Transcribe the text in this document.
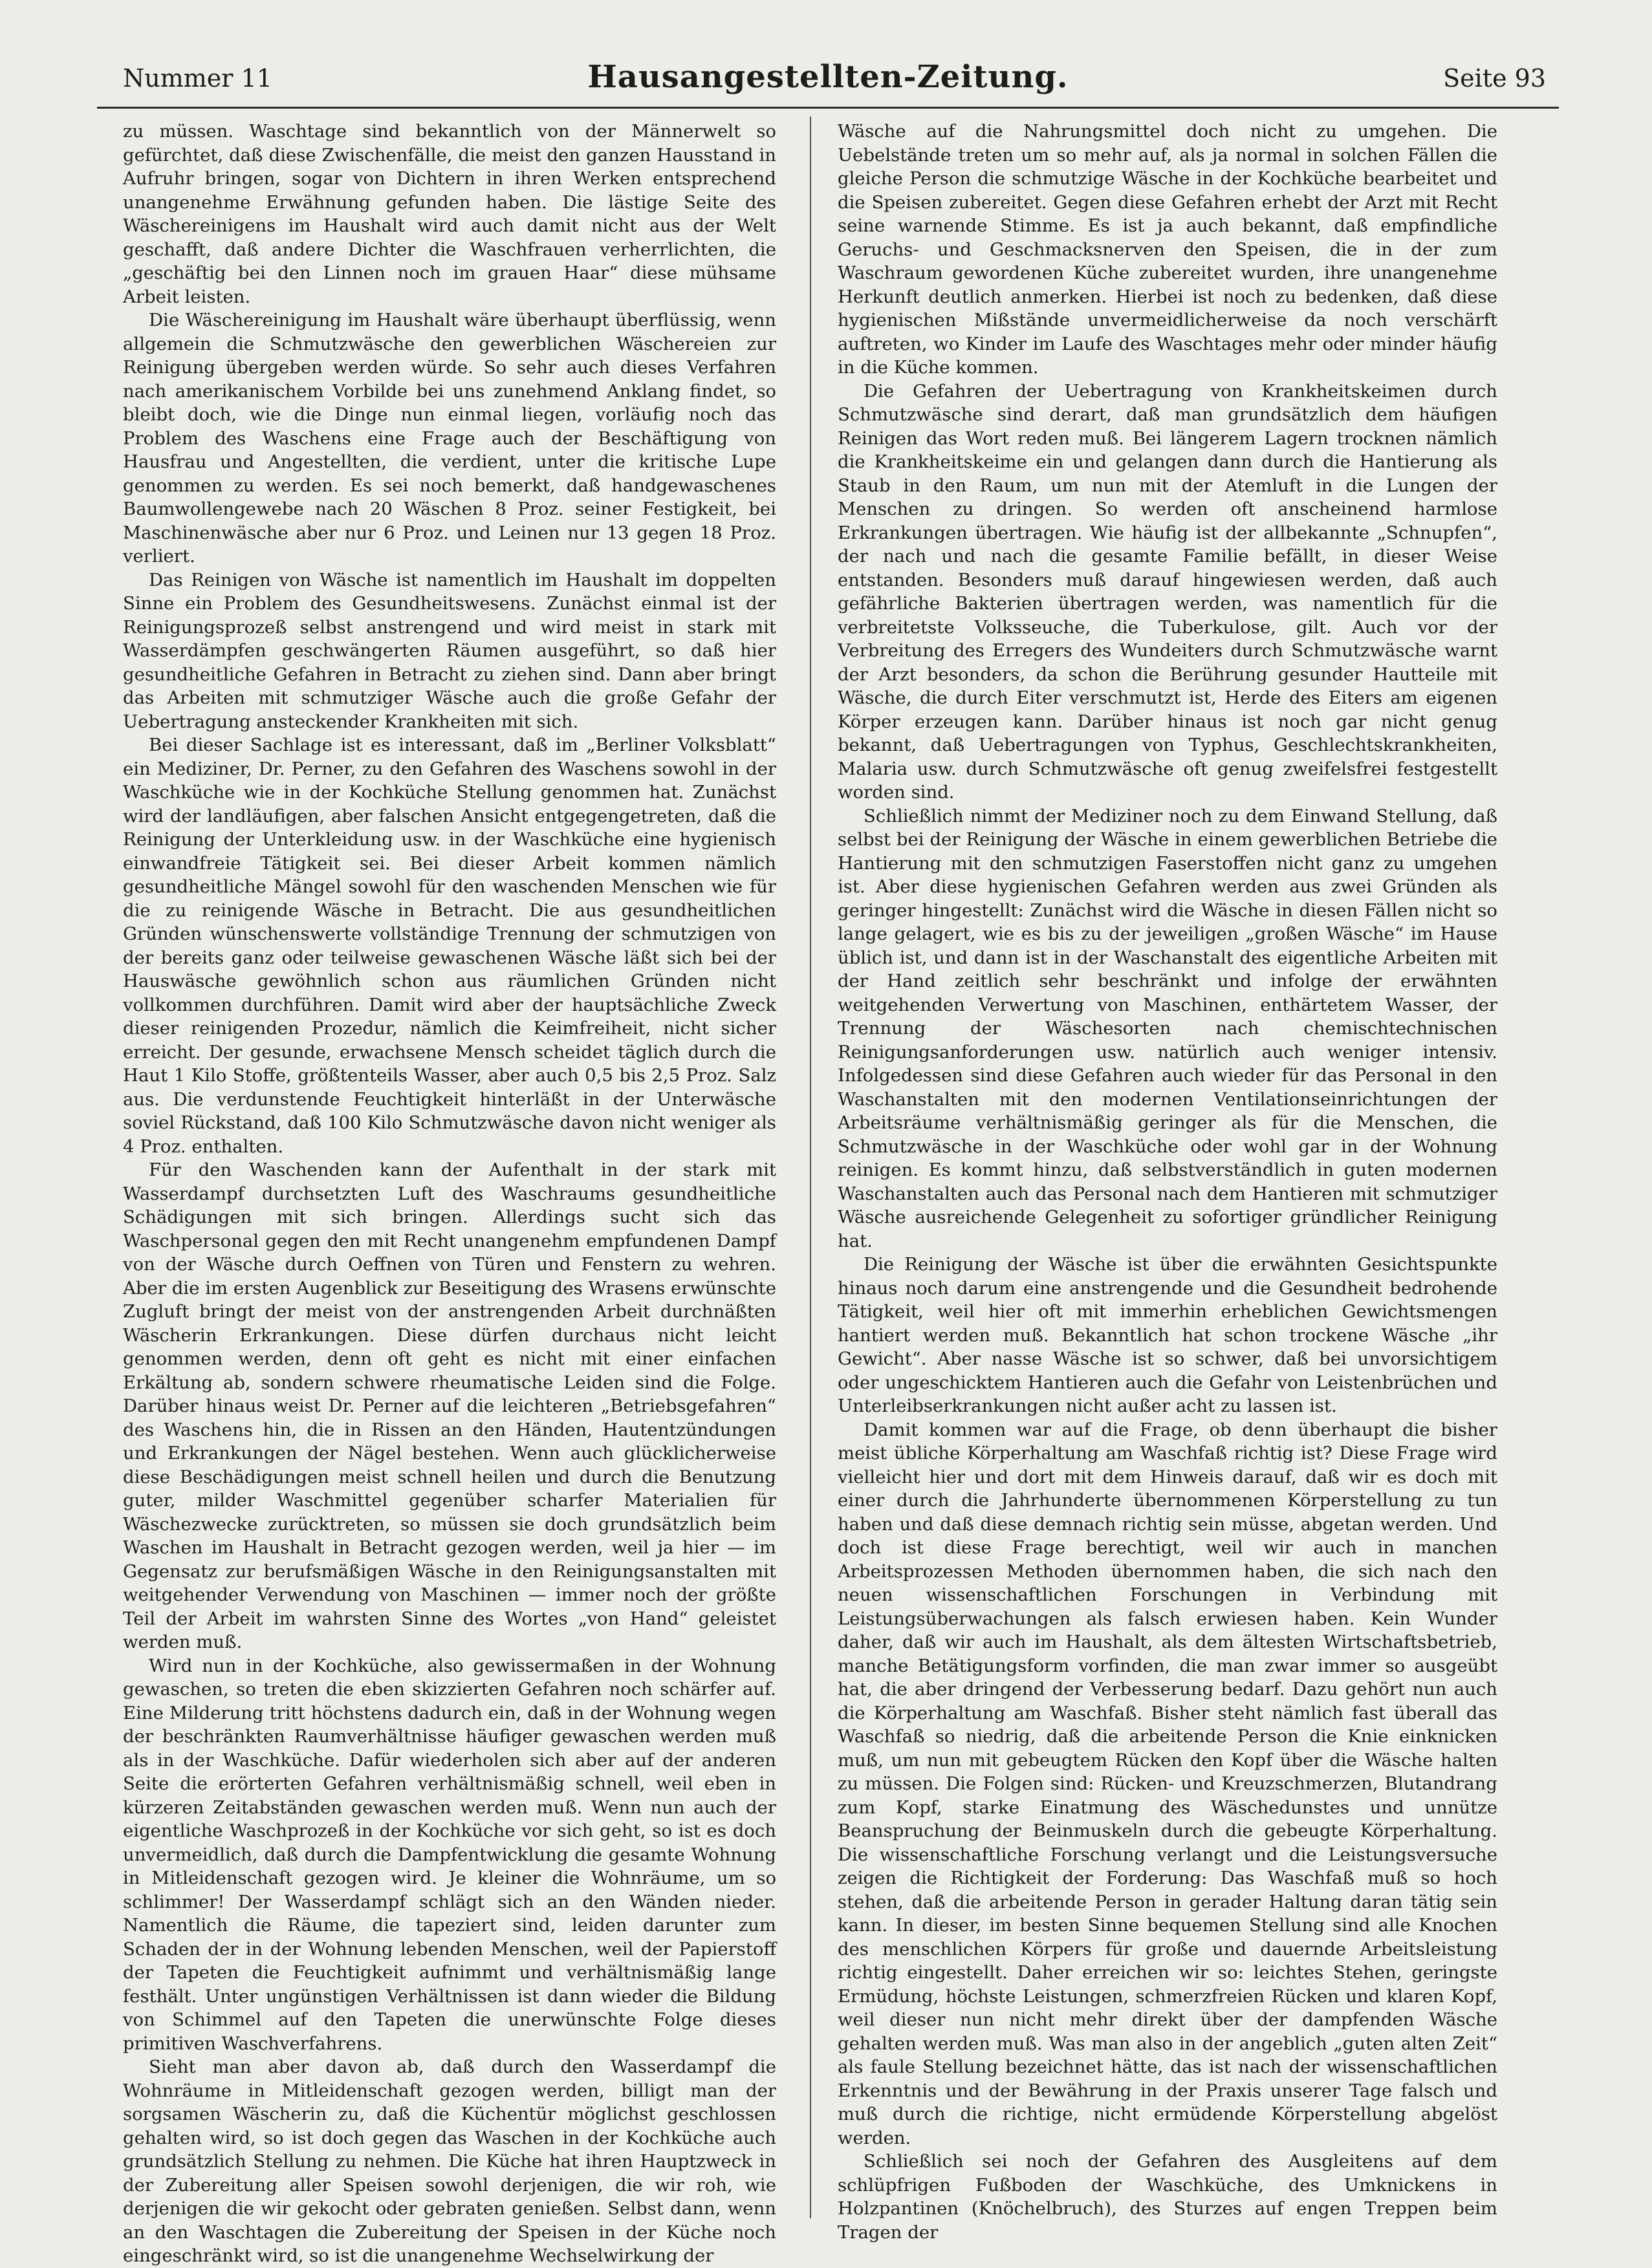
Nummer 11	Hausangestellten-Zeitung.	Seite 93

zu müssen. Waschtage sind bekanntlich von der Männerwelt so gefürchtet, daß diese Zwischenfälle, die meist den ganzen Hausstand in Aufruhr bringen, sogar von Dichtern in ihren Werken entsprechend unangenehme Erwähnung gefunden haben. Die lästige Seite des Wäschereinigens im Haushalt wird auch damit nicht aus der Welt geschafft, daß andere Dichter die Waschfrauen verherrlichten, die „geschäftig bei den Linnen noch im grauen Haar“ diese mühsame Arbeit leisten.

Die Wäschereinigung im Haushalt wäre überhaupt überflüssig, wenn allgemein die Schmutzwäsche den gewerblichen Wäschereien zur Reinigung übergeben werden würde. So sehr auch dieses Verfahren nach amerikanischem Vorbilde bei uns zunehmend Anklang findet, so bleibt doch, wie die Dinge nun einmal liegen, vorläufig noch das Problem des Waschens eine Frage auch der Beschäftigung von Hausfrau und Angestellten, die verdient, unter die kritische Lupe genommen zu werden. Es sei noch bemerkt, daß handgewaschenes Baumwollengewebe nach 20 Wäschen 8 Proz. seiner Festigkeit, bei Maschinenwäsche aber nur 6 Proz. und Leinen nur 13 gegen 18 Proz. verliert.

Das Reinigen von Wäsche ist namentlich im Haushalt im doppelten Sinne ein Problem des Gesundheitswesens. Zunächst einmal ist der Reinigungsprozeß selbst anstrengend und wird meist in stark mit Wasserdämpfen geschwängerten Räumen ausgeführt, so daß hier gesundheitliche Gefahren in Betracht zu ziehen sind. Dann aber bringt das Arbeiten mit schmutziger Wäsche auch die große Gefahr der Uebertragung ansteckender Krankheiten mit sich.

Bei dieser Sachlage ist es interessant, daß im „Berliner Volksblatt“ ein Mediziner, Dr. Perner, zu den Gefahren des Waschens sowohl in der Waschküche wie in der Kochküche Stellung genommen hat. Zunächst wird der landläufigen, aber falschen Ansicht entgegengetreten, daß die Reinigung der Unterkleidung usw. in der Waschküche eine hygienisch einwandfreie Tätigkeit sei. Bei dieser Arbeit kommen nämlich gesundheitliche Mängel sowohl für den waschenden Menschen wie für die zu reinigende Wäsche in Betracht. Die aus gesundheitlichen Gründen wünschenswerte vollständige Trennung der schmutzigen von der bereits ganz oder teilweise gewaschenen Wäsche läßt sich bei der Hauswäsche gewöhnlich schon aus räumlichen Gründen nicht vollkommen durchführen. Damit wird aber der hauptsächliche Zweck dieser reinigenden Prozedur, nämlich die Keimfreiheit, nicht sicher erreicht. Der gesunde, erwachsene Mensch scheidet täglich durch die Haut 1 Kilo Stoffe, größtenteils Wasser, aber auch 0,5 bis 2,5 Proz. Salz aus. Die verdunstende Feuchtigkeit hinterläßt in der Unterwäsche soviel Rückstand, daß 100 Kilo Schmutzwäsche davon nicht weniger als 4 Proz. enthalten.

Für den Waschenden kann der Aufenthalt in der stark mit Wasserdampf durchsetzten Luft des Waschraums gesundheitliche Schädigungen mit sich bringen. Allerdings sucht sich das Waschpersonal gegen den mit Recht unangenehm empfundenen Dampf von der Wäsche durch Oeffnen von Türen und Fenstern zu wehren. Aber die im ersten Augenblick zur Beseitigung des Wrasens erwünschte Zugluft bringt der meist von der anstrengenden Arbeit durchnäßten Wäscherin Erkrankungen. Diese dürfen durchaus nicht leicht genommen werden, denn oft geht es nicht mit einer einfachen Erkältung ab, sondern schwere rheumatische Leiden sind die Folge. Darüber hinaus weist Dr. Perner auf die leichteren „Betriebsgefahren“ des Waschens hin, die in Rissen an den Händen, Hautentzündungen und Erkrankungen der Nägel bestehen. Wenn auch glücklicherweise diese Beschädigungen meist schnell heilen und durch die Benutzung guter, milder Waschmittel gegenüber scharfer Materialien für Wäschezwecke zurücktreten, so müssen sie doch grundsätzlich beim Waschen im Haushalt in Betracht gezogen werden, weil ja hier — im Gegensatz zur berufsmäßigen Wäsche in den Reinigungsanstalten mit weitgehender Verwendung von Maschinen — immer noch der größte Teil der Arbeit im wahrsten Sinne des Wortes „von Hand“ geleistet werden muß.

Wird nun in der Kochküche, also gewissermaßen in der Wohnung gewaschen, so treten die eben skizzierten Gefahren noch schärfer auf. Eine Milderung tritt höchstens dadurch ein, daß in der Wohnung wegen der beschränkten Raumverhältnisse häufiger gewaschen werden muß als in der Waschküche. Dafür wiederholen sich aber auf der anderen Seite die erörterten Gefahren verhältnismäßig schnell, weil eben in kürzeren Zeitabständen gewaschen werden muß. Wenn nun auch der eigentliche Waschprozeß in der Kochküche vor sich geht, so ist es doch unvermeidlich, daß durch die Dampfentwicklung die gesamte Wohnung in Mitleidenschaft gezogen wird. Je kleiner die Wohnräume, um so schlimmer! Der Wasserdampf schlägt sich an den Wänden nieder. Namentlich die Räume, die tapeziert sind, leiden darunter zum Schaden der in der Wohnung lebenden Menschen, weil der Papierstoff der Tapeten die Feuchtigkeit aufnimmt und verhältnismäßig lange festhält. Unter ungünstigen Verhältnissen ist dann wieder die Bildung von Schimmel auf den Tapeten die unerwünschte Folge dieses primitiven Waschverfahrens.

Sieht man aber davon ab, daß durch den Wasserdampf die Wohnräume in Mitleidenschaft gezogen werden, billigt man der sorgsamen Wäscherin zu, daß die Küchentür möglichst geschlossen gehalten wird, so ist doch gegen das Waschen in der Kochküche auch grundsätzlich Stellung zu nehmen. Die Küche hat ihren Hauptzweck in der Zubereitung aller Speisen sowohl derjenigen, die wir roh, wie derjenigen die wir gekocht oder gebraten genießen. Selbst dann, wenn an den Waschtagen die Zubereitung der Speisen in der Küche noch eingeschränkt wird, so ist die unangenehme Wechselwirkung der

Wäsche auf die Nahrungsmittel doch nicht zu umgehen. Die Uebelstände treten um so mehr auf, als ja normal in solchen Fällen die gleiche Person die schmutzige Wäsche in der Kochküche bearbeitet und die Speisen zubereitet. Gegen diese Gefahren erhebt der Arzt mit Recht seine warnende Stimme. Es ist ja auch bekannt, daß empfindliche Geruchs- und Geschmacksnerven den Speisen, die in der zum Waschraum gewordenen Küche zubereitet wurden, ihre unangenehme Herkunft deutlich anmerken. Hierbei ist noch zu bedenken, daß diese hygienischen Mißstände unvermeidlicherweise da noch verschärft auftreten, wo Kinder im Laufe des Waschtages mehr oder minder häufig in die Küche kommen.

Die Gefahren der Uebertragung von Krankheitskeimen durch Schmutzwäsche sind derart, daß man grundsätzlich dem häufigen Reinigen das Wort reden muß. Bei längerem Lagern trocknen nämlich die Krankheitskeime ein und gelangen dann durch die Hantierung als Staub in den Raum, um nun mit der Atemluft in die Lungen der Menschen zu dringen. So werden oft anscheinend harmlose Erkrankungen übertragen. Wie häufig ist der allbekannte „Schnupfen“, der nach und nach die gesamte Familie befällt, in dieser Weise entstanden. Besonders muß darauf hingewiesen werden, daß auch gefährliche Bakterien übertragen werden, was namentlich für die verbreitetste Volksseuche, die Tuberkulose, gilt. Auch vor der Verbreitung des Erregers des Wundeiters durch Schmutzwäsche warnt der Arzt besonders, da schon die Berührung gesunder Hautteile mit Wäsche, die durch Eiter verschmutzt ist, Herde des Eiters am eigenen Körper erzeugen kann. Darüber hinaus ist noch gar nicht genug bekannt, daß Uebertragungen von Typhus, Geschlechtskrankheiten, Malaria usw. durch Schmutzwäsche oft genug zweifelsfrei festgestellt worden sind.

Schließlich nimmt der Mediziner noch zu dem Einwand Stellung, daß selbst bei der Reinigung der Wäsche in einem gewerblichen Betriebe die Hantierung mit den schmutzigen Faserstoffen nicht ganz zu umgehen ist. Aber diese hygienischen Gefahren werden aus zwei Gründen als geringer hingestellt: Zunächst wird die Wäsche in diesen Fällen nicht so lange gelagert, wie es bis zu der jeweiligen „großen Wäsche“ im Hause üblich ist, und dann ist in der Waschanstalt des eigentliche Arbeiten mit der Hand zeitlich sehr beschränkt und infolge der erwähnten weitgehenden Verwertung von Maschinen, enthärtetem Wasser, der Trennung der Wäschesorten nach chemischtechnischen Reinigungsanforderungen usw. natürlich auch weniger intensiv. Infolgedessen sind diese Gefahren auch wieder für das Personal in den Waschanstalten mit den modernen Ventilationseinrichtungen der Arbeitsräume verhältnismäßig geringer als für die Menschen, die Schmutzwäsche in der Waschküche oder wohl gar in der Wohnung reinigen. Es kommt hinzu, daß selbstverständlich in guten modernen Waschanstalten auch das Personal nach dem Hantieren mit schmutziger Wäsche ausreichende Gelegenheit zu sofortiger gründlicher Reinigung hat.

Die Reinigung der Wäsche ist über die erwähnten Gesichtspunkte hinaus noch darum eine anstrengende und die Gesundheit bedrohende Tätigkeit, weil hier oft mit immerhin erheblichen Gewichtsmengen hantiert werden muß. Bekanntlich hat schon trockene Wäsche „ihr Gewicht“. Aber nasse Wäsche ist so schwer, daß bei unvorsichtigem oder ungeschicktem Hantieren auch die Gefahr von Leistenbrüchen und Unterleibserkrankungen nicht außer acht zu lassen ist.

Damit kommen war auf die Frage, ob denn überhaupt die bisher meist übliche Körperhaltung am Waschfaß richtig ist? Diese Frage wird vielleicht hier und dort mit dem Hinweis darauf, daß wir es doch mit einer durch die Jahrhunderte übernommenen Körperstellung zu tun haben und daß diese demnach richtig sein müsse, abgetan werden. Und doch ist diese Frage berechtigt, weil wir auch in manchen Arbeitsprozessen Methoden übernommen haben, die sich nach den neuen wissenschaftlichen Forschungen in Verbindung mit Leistungsüberwachungen als falsch erwiesen haben. Kein Wunder daher, daß wir auch im Haushalt, als dem ältesten Wirtschaftsbetrieb, manche Betätigungsform vorfinden, die man zwar immer so ausgeübt hat, die aber dringend der Verbesserung bedarf. Dazu gehört nun auch die Körperhaltung am Waschfaß. Bisher steht nämlich fast überall das Waschfaß so niedrig, daß die arbeitende Person die Knie einknicken muß, um nun mit gebeugtem Rücken den Kopf über die Wäsche halten zu müssen. Die Folgen sind: Rücken- und Kreuzschmerzen, Blutandrang zum Kopf, starke Einatmung des Wäschedunstes und unnütze Beanspruchung der Beinmuskeln durch die gebeugte Körperhaltung. Die wissenschaftliche Forschung verlangt und die Leistungsversuche zeigen die Richtigkeit der Forderung: Das Waschfaß muß so hoch stehen, daß die arbeitende Person in gerader Haltung daran tätig sein kann. In dieser, im besten Sinne bequemen Stellung sind alle Knochen des menschlichen Körpers für große und dauernde Arbeitsleistung richtig eingestellt. Daher erreichen wir so: leichtes Stehen, geringste Ermüdung, höchste Leistungen, schmerzfreien Rücken und klaren Kopf, weil dieser nun nicht mehr direkt über der dampfenden Wäsche gehalten werden muß. Was man also in der angeblich „guten alten Zeit“ als faule Stellung bezeichnet hätte, das ist nach der wissenschaftlichen Erkenntnis und der Bewährung in der Praxis unserer Tage falsch und muß durch die richtige, nicht ermüdende Körperstellung abgelöst werden.

Schließlich sei noch der Gefahren des Ausgleitens auf dem schlüpfrigen Fußboden der Waschküche, des Umknickens in Holzpantinen (Knöchelbruch), des Sturzes auf engen Treppen beim Tragen der
